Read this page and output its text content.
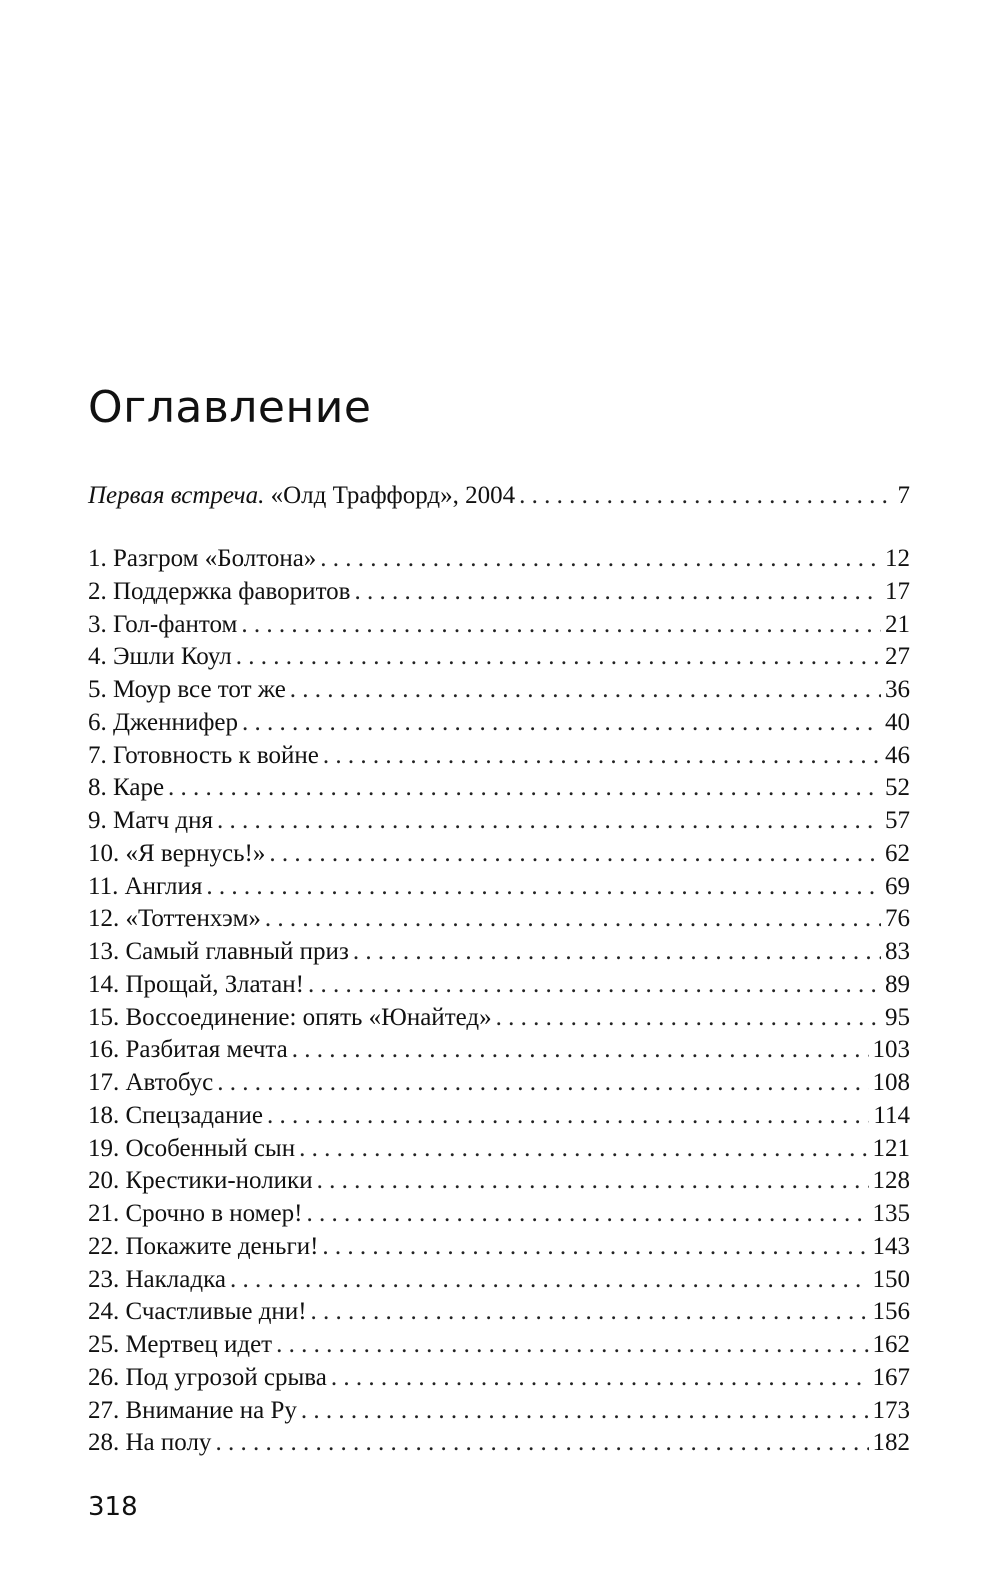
Оглавление
Первая встреча. «Олд Траффорд», 2004 . . .	7
1. Разгром «Болтона» . . .	12
2. Поддержка фаворитов . . .	17
3. Гол-фантом . . .	21
4. Эшли Коул . . .	27
5. Моур все тот же . . .	36
6. Дженнифер . . .	40
7. Готовность к войне . . .	46
8. Каре . . .	52
9. Матч дня . . .	57
10. «Я вернусь!» . . .	62
11. Англия . . .	69
12. «Тоттенхэм» . . .	76
13. Самый главный приз . . .	83
14. Прощай, Златан! . . .	89
15. Воссоединение: опять «Юнайтед» . . .	95
16. Разбитая мечта . . .	103
17. Автобус . . .	108
18. Спецзадание . . .	114
19. Особенный сын . . .	121
20. Крестики-нолики . . .	128
21. Срочно в номер! . . .	135
22. Покажите деньги! . . .	143
23. Накладка . . .	150
24. Счастливые дни! . . .	156
25. Мертвец идет . . .	162
26. Под угрозой срыва . . .	167
27. Внимание на Ру . . .	173
28. На полу . . .	182
318
